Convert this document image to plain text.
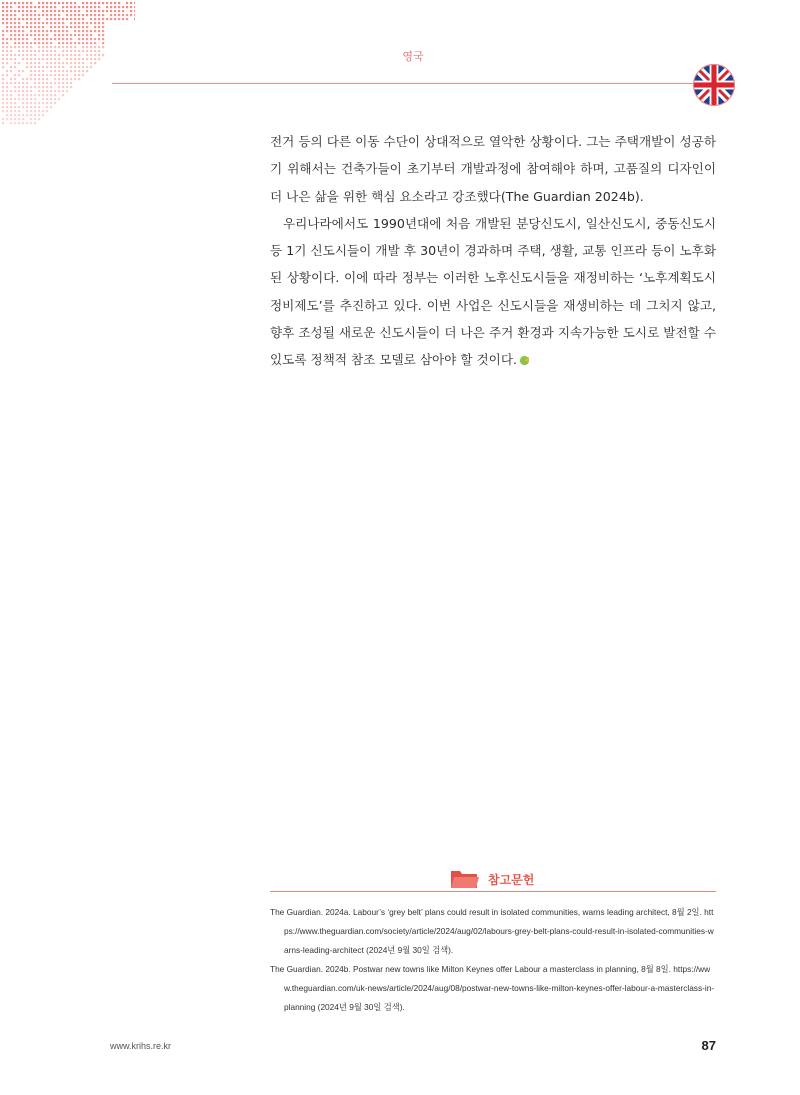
영국

전거 등의 다른 이동 수단이 상대적으로 열악한 상황이다. 그는 주택개발이 성공하기 위해서는 건축가들이 초기부터 개발과정에 참여해야 하며, 고품질의 디자인이 더 나은 삶을 위한 핵심 요소라고 강조했다(The Guardian 2024b).

우리나라에서도 1990년대에 처음 개발된 분당신도시, 일산신도시, 중동신도시 등 1기 신도시들이 개발 후 30년이 경과하며 주택, 생활, 교통 인프라 등이 노후화된 상황이다. 이에 따라 정부는 이러한 노후신도시들을 재정비하는 ‘노후계획도시 정비제도’를 추진하고 있다. 이번 사업은 신도시들을 재생비하는 데 그치지 않고, 향후 조성될 새로운 신도시들이 더 나은 주거 환경과 지속가능한 도시로 발전할 수 있도록 정책적 참조 모델로 삼아야 할 것이다.

참고문헌
The Guardian. 2024a. Labour’s ‘grey belt’ plans could result in isolated communities, warns leading architect, 8월 2일. https://www.theguardian.com/society/article/2024/aug/02/labours-grey-belt-plans-could-result-in-isolated-communities-warns-leading-architect (2024년 9월 30일 검색).
The Guardian. 2024b. Postwar new towns like Milton Keynes offer Labour a masterclass in planning, 8월 8일. https://www.theguardian.com/uk-news/article/2024/aug/08/postwar-new-towns-like-milton-keynes-offer-labour-a-masterclass-in-planning (2024년 9월 30일 검색).
www.krihs.re.kr	87
